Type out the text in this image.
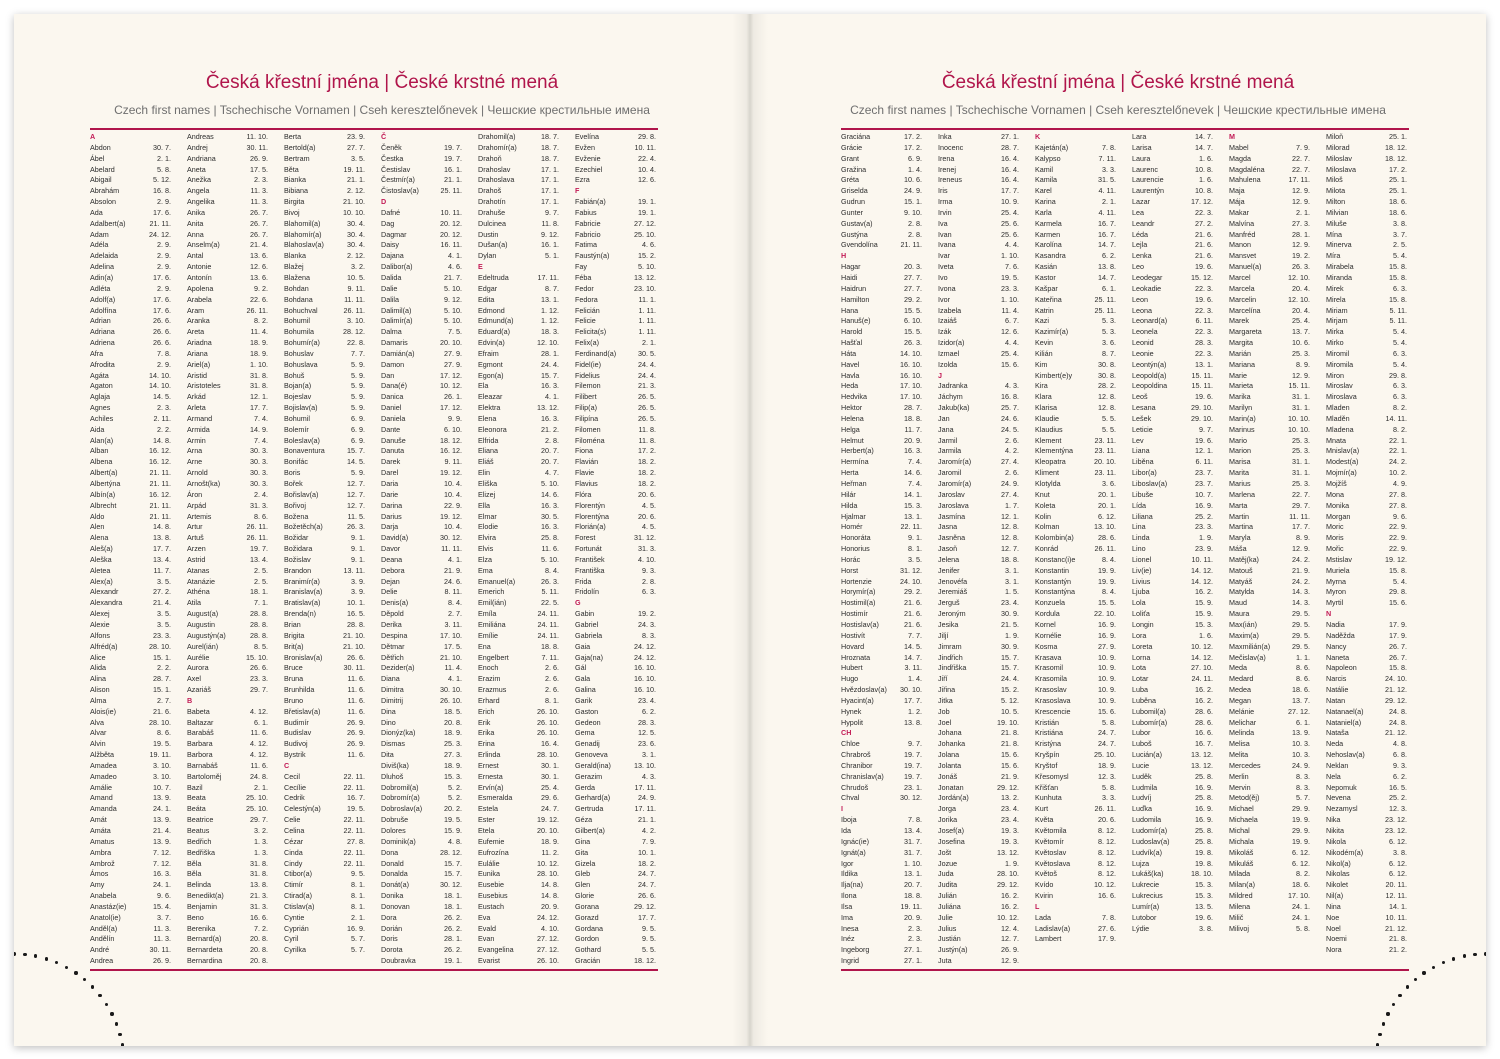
Česká křestní jména | České krstné mená
Czech first names | Tschechische Vornamen | Cseh keresztelőnevek | Чешские крестильные имена
A
Abdon	30. 7.
Ábel	2. 1.
Abelard	5. 8.
Abigail	5. 12.
Abrahám	16. 8.
Absolon	2. 9.
Ada	17. 6.
Adalbert(a)	21. 11.
Adam	24. 12.
Adéla	2. 9.
Adelaida	2. 9.
Adelina	2. 9.
Adin(a)	17. 6.
Adléta	2. 9.
Adolf(a)	17. 6.
Adolfína	17. 6.
Adrian	26. 6.
Adriana	26. 6.
Adriena	26. 6.
Afra	7. 8.
Afrodita	2. 9.
Agáta	14. 10.
Agaton	14. 10.
Aglaja	14. 5.
Agnes	2. 3.
Achiles	2. 11.
Aida	2. 2.
Alan(a)	14. 8.
Alban	16. 12.
Albena	16. 12.
Albert(a)	21. 11.
Albertýna	21. 11.
Albín(a)	16. 12.
Albrecht	21. 11.
Aldo	21. 11.
Alen	14. 8.
Alena	13. 8.
Aleš(a)	17. 7.
Aleška	13. 4.
Aletea	11. 7.
Alex(a)	3. 5.
Alexandr	27. 2.
Alexandra	21. 4.
Alexej	3. 5.
Alexie	3. 5.
Alfons	23. 3.
Alfréd(a)	28. 10.
Alice	15. 1.
Alida	2. 2.
Alina	28. 7.
Alison	15. 1.
Alma	2. 7.
Alois(ie)	21. 6.
Alva	28. 10.
Alvar	8. 6.
Alvin	19. 5.
Alžběta	19. 11.
Amadea	3. 10.
Amadeo	3. 10.
Amálie	10. 7.
Amand	13. 9.
Amanda	24. 1.
Amát	13. 9.
Amáta	21. 4.
Amatus	13. 9.
Ambra	7. 12.
Ambrož	7. 12.
Ámos	16. 3.
Amy	24. 1.
Anabela	9. 6.
Anastáz(ie)	15. 4.
Anatol(ie)	3. 7.
Anděl(a)	11. 3.
Andělín	11. 3.
André	30. 11.
Andrea	26. 9.
Andreas	11. 10.
Andrej	30. 11.
Andriana	26. 9.
Aneta	17. 5.
Anežka	2. 3.
Angela	11. 3.
Angelika	11. 3.
Anika	26. 7.
Anita	26. 7.
Anna	26. 7.
Anselm(a)	21. 4.
Antal	13. 6.
Antonie	12. 6.
Antonín	13. 6.
Apolena	9. 2.
Arabela	22. 6.
Aram	26. 11.
Aranka	8. 2.
Areta	11. 4.
Ariadna	18. 9.
Ariana	18. 9.
Ariel(a)	1. 10.
Aristid	31. 8.
Aristoteles	31. 8.
Arkád	12. 1.
Arleta	17. 7.
Armand	7. 4.
Armida	14. 9.
Armin	7. 4.
Arna	30. 3.
Arne	30. 3.
Arnold	30. 3.
Arnošt(ka)	30. 3.
Áron	2. 4.
Arpád	31. 3.
Artemis	8. 6.
Artur	26. 11.
Artuš	26. 11.
Arzen	19. 7.
Astrid	13. 4.
Atanas	2. 5.
Atanázie	2. 5.
Athéna	18. 1.
Atila	7. 1.
August(a)	28. 8.
Augustin	28. 8.
Augustýn(a)	28. 8.
Aurel(ián)	8. 5.
Aurélie	15. 10.
Aurora	26. 6.
Axel	23. 3.
Azariáš	29. 7.
B
Babeta	4. 12.
Baltazar	6. 1.
Barabáš	11. 6.
Barbara	4. 12.
Barbora	4. 12.
Barnabáš	11. 6.
Bartoloměj	24. 8.
Bazil	2. 1.
Beata	25. 10.
Beáta	25. 10.
Beatrice	29. 7.
Beatus	3. 2.
Bedřich	1. 3.
Bedřiška	1. 3.
Běla	31. 8.
Běla	31. 8.
Belinda	13. 8.
Benedikt(a)	21. 3.
Benjamin	31. 3.
Beno	16. 6.
Berenika	7. 2.
Bernard(a)	20. 8.
Bernardeta	20. 8.
Bernardina	20. 8.
Berta	23. 9.
Bertold(a)	27. 7.
Bertram	3. 5.
Běta	19. 11.
Bianka	21. 1.
Bibiana	2. 12.
Birgita	21. 10.
Bivoj	10. 10.
Blahomil(a)	30. 4.
Blahomír(a)	30. 4.
Blahoslav(a)	30. 4.
Blanka	2. 12.
Blažej	3. 2.
Blažena	10. 5.
Bohdan	9. 11.
Bohdana	11. 11.
Bohuchval	26. 11.
Bohumil	3. 10.
Bohumila	28. 12.
Bohumír(a)	22. 8.
Bohuslav	7. 7.
Bohuslava	5. 9.
Bohuš	5. 9.
Bojan(a)	5. 9.
Bojeslav	5. 9.
Bojislav(a)	5. 9.
Bohumil	6. 9.
Bolemír	6. 9.
Boleslav(a)	6. 9.
Bonaventura	15. 7.
Bonifác	14. 5.
Boris	5. 9.
Bořek	12. 7.
Bořislav(a)	12. 7.
Bořivoj	12. 7.
Božena	11. 5.
Božetěch(a)	26. 3.
Božidar	9. 1.
Božidara	9. 1.
Božislav	9. 1.
Brandon	13. 11.
Branimír(a)	3. 9.
Branislav(a)	3. 9.
Bratislav(a)	10. 1.
Brenda(n)	16. 5.
Brian	28. 8.
Brigita	21. 10.
Brit(a)	21. 10.
Bronislav(a)	26. 6.
Bruce	30. 11.
Bruna	11. 6.
Brunhilda	11. 6.
Bruno	11. 6.
Břetislav(a)	11. 6.
Budimír	26. 9.
Budislav	26. 9.
Budivoj	26. 9.
Bystrik	11. 6.
C
Cecil	22. 11.
Cecílie	22. 11.
Cedrik	16. 7.
Celestýn(a)	19. 5.
Celie	22. 11.
Celina	22. 11.
Cézar	27. 8.
Cinda	22. 11.
Cindy	22. 11.
Ctibor(a)	9. 5.
Ctimír	8. 1.
Ctirad(a)	8. 1.
Ctislav(a)	8. 1.
Cyntie	2. 1.
Cyprián	16. 9.
Cyril	5. 7.
Cyrilka	5. 7.
Č
Čeněk	19. 7.
Čestka	19. 7.
Čestislav	16. 1.
Čestmír(a)	21. 1.
Čistoslav(a)	25. 11.
D
Dafné	10. 11.
Dag	20. 12.
Dagmar	20. 12.
Daisy	16. 11.
Dajana	4. 1.
Dalibor(a)	4. 6.
Dalida	21. 7.
Dalie	5. 10.
Dalila	9. 12.
Dalimil(a)	5. 10.
Dalimír(a)	5. 10.
Dalma	7. 5.
Damaris	20. 10.
Damián(a)	27. 9.
Damon	27. 9.
Dan	17. 12.
Dana(é)	10. 12.
Danica	26. 1.
Daniel	17. 12.
Daniela	9. 9.
Dante	6. 10.
Danuše	18. 12.
Danuta	16. 12.
Darek	9. 11.
Darel	19. 12.
Daria	10. 4.
Darie	10. 4.
Darina	22. 9.
Darius	19. 12.
Darja	10. 4.
David(a)	30. 12.
Davor	11. 11.
Deana	4. 1.
Debora	21. 9.
Dejan	24. 6.
Delie	8. 11.
Denis(a)	8. 4.
Děpold	2. 7.
Derika	3. 11.
Despina	17. 10.
Dětmar	17. 5.
Dětřich	21. 10.
Dezider(a)	11. 4.
Diana	4. 1.
Dimitra	30. 10.
Dimitrij	26. 10.
Dina	18. 5.
Dino	20. 8.
Dionýz(ka)	18. 9.
Dismas	25. 3.
Dita	27. 3.
Diviš(ka)	18. 9.
Dluhoš	15. 3.
Dobromil(a)	5. 2.
Dobromír(a)	5. 2.
Dobroslav(a)	20. 2.
Dobruše	19. 5.
Dolores	15. 9.
Dominik(a)	4. 8.
Dona	28. 12.
Donald	15. 7.
Donalda	15. 7.
Donát(a)	30. 12.
Donika	18. 1.
Donovan	18. 1.
Dora	26. 2.
Dorián	26. 2.
Doris	28. 1.
Dorota	26. 2.
Doubravka	19. 1.
Drahomil(a)	18. 7.
Drahomír(a)	18. 7.
Drahoň	18. 7.
Drahoslav	17. 1.
Drahoslava	17. 1.
Drahoš	17. 1.
Drahotín	17. 1.
Drahuše	9. 7.
Dulcinea	11. 8.
Dustin	9. 12.
Dušan(a)	16. 1.
Dylan	5. 1.
E
Edeltruda	17. 11.
Edgar	8. 7.
Edita	13. 1.
Edmond	1. 12.
Edmund(a)	1. 12.
Eduard(a)	18. 3.
Edvin(a)	12. 10.
Efraim	28. 1.
Egmont	24. 4.
Egon(a)	15. 7.
Ela	16. 3.
Eleazar	4. 1.
Elektra	13. 12.
Elena	16. 3.
Eleonora	21. 2.
Elfrida	2. 8.
Eliana	20. 7.
Eliáš	20. 7.
Elin	4. 7.
Eliška	5. 10.
Elizej	14. 6.
Ella	16. 3.
Elmar	30. 5.
Elodie	16. 3.
Elvira	25. 8.
Elvis	11. 6.
Elza	5. 10.
Ema	8. 4.
Emanuel(a)	26. 3.
Emerich	5. 11.
Emil(ián)	22. 5.
Emíla	24. 11.
Emiliána	24. 11.
Emílie	24. 11.
Ena	18. 8.
Engelbert	7. 11.
Enoch	2. 6.
Erazim	2. 6.
Erazmus	2. 6.
Erhard	8. 1.
Erich	26. 10.
Erik	26. 10.
Erika	26. 10.
Erina	16. 4.
Erlinda	28. 10.
Ernest	30. 1.
Ernesta	30. 1.
Ervín(a)	25. 4.
Esmeralda	29. 6.
Estela	24. 7.
Ester	19. 12.
Etela	20. 10.
Eufemie	18. 9.
Eufrozína	11. 2.
Eulálie	10. 12.
Eunika	28. 10.
Eusebie	14. 8.
Eusebius	14. 8.
Eustach	20. 9.
Eva	24. 12.
Evald	4. 10.
Evan	27. 12.
Evangelina	27. 12.
Evarist	26. 10.
Evelína	29. 8.
Evžen	10. 11.
Evženie	22. 4.
Ezechiel	10. 4.
Ezra	12. 6.
F
Fabián(a)	19. 1.
Fabius	19. 1.
Fabricie	27. 12.
Fabricio	25. 10.
Fatima	4. 6.
Faustýn(a)	15. 2.
Fay	5. 10.
Féba	13. 12.
Fedor	23. 10.
Fedora	11. 1.
Felicián	1. 11.
Felicie	1. 11.
Felicita(s)	1. 11.
Felix(a)	2. 1.
Ferdinand(a)	30. 5.
Fidel(ie)	24. 4.
Fidelius	24. 4.
Filemon	21. 3.
Filibert	26. 5.
Filip(a)	26. 5.
Filipína	26. 5.
Filomen	11. 8.
Filoména	11. 8.
Fiona	17. 2.
Flavián	18. 2.
Flavie	18. 2.
Flavius	18. 2.
Flóra	20. 6.
Florentýn	4. 5.
Florentýna	20. 6.
Florián(a)	4. 5.
Forest	31. 12.
Fortunát	31. 3.
František	4. 10.
Františka	9. 3.
Frida	2. 8.
Fridolín	6. 3.
G
Gabin	19. 2.
Gabriel	24. 3.
Gabriela	8. 3.
Gaia	24. 12.
Gaja(na)	24. 12.
Gál	16. 10.
Gala	16. 10.
Galina	16. 10.
Garik	23. 4.
Gaston	6. 2.
Gedeon	28. 3.
Gema	12. 5.
Genadij	23. 6.
Genoveva	3. 1.
Gerald(ina)	13. 10.
Gerazim	4. 3.
Gerda	17. 11.
Gerhard(a)	24. 9.
Gertruda	17. 11.
Géza	21. 1.
Gilbert(a)	4. 2.
Gina	7. 9.
Gita	10. 1.
Gizela	18. 2.
Gleb	24. 7.
Glen	24. 7.
Glorie	26. 6.
Gorana	29. 12.
Gorazd	17. 7.
Gordana	9. 5.
Gordon	9. 5.
Gothard	5. 5.
Gracián	18. 12.
Česká křestní jména | České krstné mená
Czech first names | Tschechische Vornamen | Cseh keresztelőnevek | Чешские крестильные имена
Graciána	17. 2.
Grácie	17. 2.
Grant	6. 9.
Gražina	1. 4.
Gréta	10. 6.
Griselda	24. 9.
Gudrun	15. 1.
Gunter	9. 10.
Gustav(a)	2. 8.
Gustýna	2. 8.
Gvendolína	21. 11.
H
Hagar	20. 3.
Haidi	27. 7.
Haidrun	27. 7.
Hamilton	29. 2.
Hana	15. 5.
Hanuš(e)	6. 10.
Harold	15. 5.
Hašťal	26. 3.
Háta	14. 10.
Havel	16. 10.
Havla	16. 10.
Heda	17. 10.
Hedvika	17. 10.
Hektor	28. 7.
Helena	18. 8.
Helga	11. 7.
Helmut	20. 9.
Herbert(a)	16. 3.
Hermína	7. 4.
Herta	14. 6.
Heřman	7. 4.
Hilár	14. 1.
Hilda	15. 3.
Hjalmar	13. 1.
Homér	22. 11.
Honoráta	9. 1.
Honorius	8. 1.
Horác	3. 5.
Horst	31. 12.
Hortenzie	24. 10.
Horymír(a)	29. 2.
Hostimil(a)	21. 6.
Hostimír	21. 6.
Hostislav(a)	21. 6.
Hostivít	7. 7.
Hovard	14. 5.
Hroznata	14. 7.
Hubert	3. 11.
Hugo	1. 4.
Hvězdoslav(a)	30. 10.
Hyacint(a)	17. 7.
Hynek	1. 2.
Hypolit	13. 8.
CH
Chloe	9. 7.
Chrabroš	19. 7.
Chranibor	19. 7.
Chranislav(a)	19. 7.
Chrudoš	23. 1.
Chval	30. 12.
I
Iboja	7. 8.
Ida	13. 4.
Ignác(ie)	31. 7.
Ignát(a)	31. 7.
Igor	1. 10.
Ildika	13. 1.
Ilja(na)	20. 7.
Ilona	18. 8.
Ilsa	19. 11.
Ima	20. 9.
Inesa	2. 3.
Inéz	2. 3.
Ingeborg	27. 1.
Ingrid	27. 1.
Inka	27. 1.
Inocenc	28. 7.
Irena	16. 4.
Irenej	16. 4.
Ireneus	16. 4.
Iris	17. 7.
Irma	10. 9.
Irvin	25. 4.
Iva	25. 6.
Ivan	25. 6.
Ivana	4. 4.
Ivar	1. 10.
Iveta	7. 6.
Ivo	19. 5.
Ivona	23. 3.
Ivor	1. 10.
Izabela	11. 4.
Izaiáš	6. 7.
Izák	12. 6.
Izidor(a)	4. 4.
Izmael	25. 4.
Izolda	15. 6.
J
Jadranka	4. 3.
Jáchym	16. 8.
Jakub(ka)	25. 7.
Jan	24. 6.
Jana	24. 5.
Jarmil	2. 6.
Jarmila	4. 2.
Jaromír(a)	27. 4.
Jaromil	2. 6.
Jaromír(a)	24. 9.
Jaroslav	27. 4.
Jaroslava	1. 7.
Jasmína	12. 1.
Jasna	12. 8.
Jasněna	12. 8.
Jasoň	12. 7.
Jelena	18. 8.
Jenifer	3. 1.
Jenovéfa	3. 1.
Jeremiáš	1. 5.
Jerguš	23. 4.
Jeroným	30. 9.
Jesika	21. 5.
Jiljí	1. 9.
Jimram	30. 9.
Jindřich	15. 7.
Jindřiška	15. 7.
Jiří	24. 4.
Jiřina	15. 2.
Jitka	5. 12.
Job	10. 5.
Joel	19. 10.
Johana	21. 8.
Johanka	21. 8.
Jolana	15. 6.
Jolanta	15. 6.
Jonáš	21. 9.
Jonatan	29. 12.
Jordán(a)	13. 2.
Jorga	23. 4.
Jorika	23. 4.
Josef(a)	19. 3.
Josefina	19. 3.
Jošt	13. 12.
Jozue	1. 9.
Juda	28. 10.
Judita	29. 12.
Julián	16. 2.
Juliána	16. 2.
Julie	10. 12.
Julius	12. 4.
Justián	12. 7.
Justýn(a)	26. 9.
Juta	12. 9.
K
Kajetán(a)	7. 8.
Kalypso	7. 11.
Kamil	3. 3.
Kamila	31. 5.
Karel	4. 11.
Karina	2. 1.
Karla	4. 11.
Karmela	16. 7.
Karmen	16. 7.
Karolína	14. 7.
Kasandra	6. 2.
Kasián	13. 8.
Kastor	14. 7.
Kašpar	6. 1.
Kateřina	25. 11.
Katrin	25. 11.
Kazi	5. 3.
Kazimír(a)	5. 3.
Kevin	3. 6.
Kilián	8. 7.
Kim	30. 8.
Kimbert(e)y	30. 8.
Kira	28. 2.
Klara	12. 8.
Klarisa	12. 8.
Klaudie	5. 5.
Klaudius	5. 5.
Klement	23. 11.
Klementýna	23. 11.
Kleopatra	20. 10.
Kliment	23. 11.
Klotylda	3. 6.
Knut	20. 1.
Koleta	20. 1.
Kolin	6. 12.
Kolman	13. 10.
Kolombin(a)	28. 6.
Konrád	26. 11.
Konstanc(i)e	8. 4.
Konstantin	19. 9.
Konstantýn	19. 9.
Konstantýna	8. 4.
Konzuela	15. 5.
Kordula	22. 10.
Kornel	16. 9.
Kornélie	16. 9.
Kosma	27. 9.
Krasava	10. 9.
Krasomil	10. 9.
Krasomila	10. 9.
Krasoslav	10. 9.
Krasoslava	10. 9.
Krescencie	15. 6.
Kristián	5. 8.
Kristiána	24. 7.
Kristýna	24. 7.
Kryšpín	25. 10.
Kryštof	18. 9.
Křesomysl	12. 3.
Křišťan	5. 8.
Kunhuta	3. 3.
Kurt	26. 11.
Květa	20. 6.
Květomila	8. 12.
Květomír	8. 12.
Květoslav	8. 12.
Květoslava	8. 12.
Květoš	8. 12.
Kvído	10. 12.
Kvirin	16. 6.
L
Lada	7. 8.
Ladislav(a)	27. 6.
Lambert	17. 9.
Lara	14. 7.
Larisa	14. 7.
Laura	1. 6.
Laurenc	10. 8.
Laurencie	1. 6.
Laurentýn	10. 8.
Lazar	17. 12.
Lea	22. 3.
Leandr	27. 2.
Léda	21. 6.
Lejla	21. 6.
Lenka	21. 6.
Leo	19. 6.
Leodegar	15. 12.
Leokadie	22. 3.
Leon	19. 6.
Leona	22. 3.
Leonard(a)	6. 11.
Leonela	22. 3.
Leonid	28. 3.
Leonie	22. 3.
Leontýn(a)	13. 1.
Leopold(a)	15. 11.
Leopoldina	15. 11.
Leoš	19. 6.
Lesana	29. 10.
Lešek	29. 10.
Leticie	9. 7.
Lev	19. 6.
Liana	12. 1.
Liběna	6. 11.
Libor(a)	23. 7.
Liboslav(a)	23. 7.
Libuše	10. 7.
Lída	16. 9.
Liliana	25. 2.
Lina	23. 3.
Linda	1. 9.
Lino	23. 9.
Lionel	10. 11.
Liv(ie)	14. 12.
Livius	14. 12.
Ljuba	16. 2.
Lola	15. 9.
Loliťa	15. 9.
Longin	15. 3.
Lora	1. 6.
Loreta	10. 12.
Lorna	14. 12.
Lota	27. 10.
Lotar	24. 11.
Luba	16. 2.
Luběna	16. 2.
Lubomil(a)	28. 6.
Lubomír(a)	28. 6.
Lubor	16. 6.
Luboš	16. 7.
Lucián(a)	13. 12.
Lucie	13. 12.
Luděk	25. 8.
Ludmila	16. 9.
Ludvíj	25. 8.
Luďka	16. 9.
Ludomila	16. 9.
Ludomír(a)	25. 8.
Ludoslav(a)	25. 8.
Ludvík(a)	19. 8.
Lujza	19. 8.
Lukáš(ka)	18. 10.
Lukrecie	15. 3.
Lukrecius	15. 3.
Lumír(a)	13. 5.
Lutobor	19. 6.
Lýdie	3. 8.
M
Mabel	7. 9.
Magda	22. 7.
Magdaléna	22. 7.
Mahulena	17. 11.
Maja	12. 9.
Mája	12. 9.
Makar	2. 1.
Malvína	27. 3.
Manfréd	28. 1.
Manon	12. 9.
Mansvet	19. 2.
Manuel(a)	26. 3.
Marcel	12. 10.
Marcela	20. 4.
Marcelin	12. 10.
Marcelína	20. 4.
Marek	25. 4.
Margareta	13. 7.
Margita	10. 6.
Marián	25. 3.
Mariana	8. 9.
Marie	12. 9.
Marieta	15. 11.
Marika	31. 1.
Marilyn	31. 1.
Marin(a)	10. 10.
Marinus	10. 10.
Mario	25. 3.
Marion	25. 3.
Marisa	31. 1.
Marita	31. 1.
Marius	25. 3.
Marlena	22. 7.
Marta	29. 7.
Martin	11. 11.
Martina	17. 7.
Maryla	8. 9.
Máša	12. 9.
Matěj(ka)	24. 2.
Matouš	21. 9.
Matyáš	24. 2.
Matylda	14. 3.
Maud	14. 3.
Maura	29. 5.
Max(ián)	29. 5.
Maxim(a)	29. 5.
Maxmilián(a)	29. 5.
Mečislav(a)	1. 1.
Meda	8. 6.
Medard	8. 6.
Medea	18. 6.
Megan	13. 7.
Melánie	27. 12.
Melichar	6. 1.
Melinda	13. 9.
Melisa	10. 3.
Melita	10. 3.
Mercedes	24. 9.
Merlin	8. 3.
Mervin	8. 3.
Metod(ěj)	5. 7.
Michael	29. 9.
Michaela	19. 9.
Michal	29. 9.
Michala	19. 9.
Mikoláš	6. 12.
Mikuláš	6. 12.
Milada	8. 2.
Milan(a)	18. 6.
Mildred	17. 10.
Milena	24. 1.
Milič	24. 1.
Milivoj	5. 8.
Miloň	25. 1.
Milorad	18. 12.
Miloslav	18. 12.
Miloslava	17. 2.
Miloš	25. 1.
Milota	25. 1.
Milton	18. 6.
Milvian	18. 6.
Miluše	3. 8.
Mína	3. 7.
Minerva	2. 5.
Míra	5. 4.
Mirabela	15. 8.
Miranda	15. 8.
Mirek	6. 3.
Mirela	15. 8.
Miriam	5. 11.
Mirjam	5. 11.
Mirka	5. 4.
Mirko	5. 4.
Miromil	6. 3.
Miromila	5. 4.
Miron	29. 8.
Miroslav	6. 3.
Miroslava	6. 3.
Mladen	8. 2.
Mladěn	14. 11.
Mladena	8. 2.
Mnata	22. 1.
Mnislav(a)	22. 1.
Modest(a)	24. 2.
Mojmír(a)	10. 2.
Mojžíš	4. 9.
Mona	27. 8.
Monika	27. 8.
Morgan	9. 6.
Moric	22. 9.
Moris	22. 9.
Mořic	22. 9.
Mstislav	19. 12.
Muriela	15. 8.
Myrna	5. 4.
Myron	29. 8.
Myrtil	15. 6.
N
Nadia	17. 9.
Naděžda	17. 9.
Nancy	26. 7.
Naneta	26. 7.
Napoleon	15. 8.
Narcis	24. 10.
Natálie	21. 12.
Natan	29. 12.
Natanael(a)	24. 8.
Nataniel(a)	24. 8.
Nataša	21. 12.
Neda	4. 8.
Nehoslav(a)	6. 8.
Neklan	9. 3.
Nela	6. 2.
Nepomuk	16. 5.
Nevena	25. 2.
Nezamysl	12. 3.
Nika	23. 12.
Nikita	23. 12.
Nikola	6. 12.
Nikodém(a)	3. 8.
Nikol(a)	6. 12.
Nikolas	6. 12.
Nikolet	20. 11.
Nil(a)	12. 11.
Nina	14. 1.
Noe	10. 11.
Noel	21. 12.
Noemi	21. 8.
Nora	21. 2.
